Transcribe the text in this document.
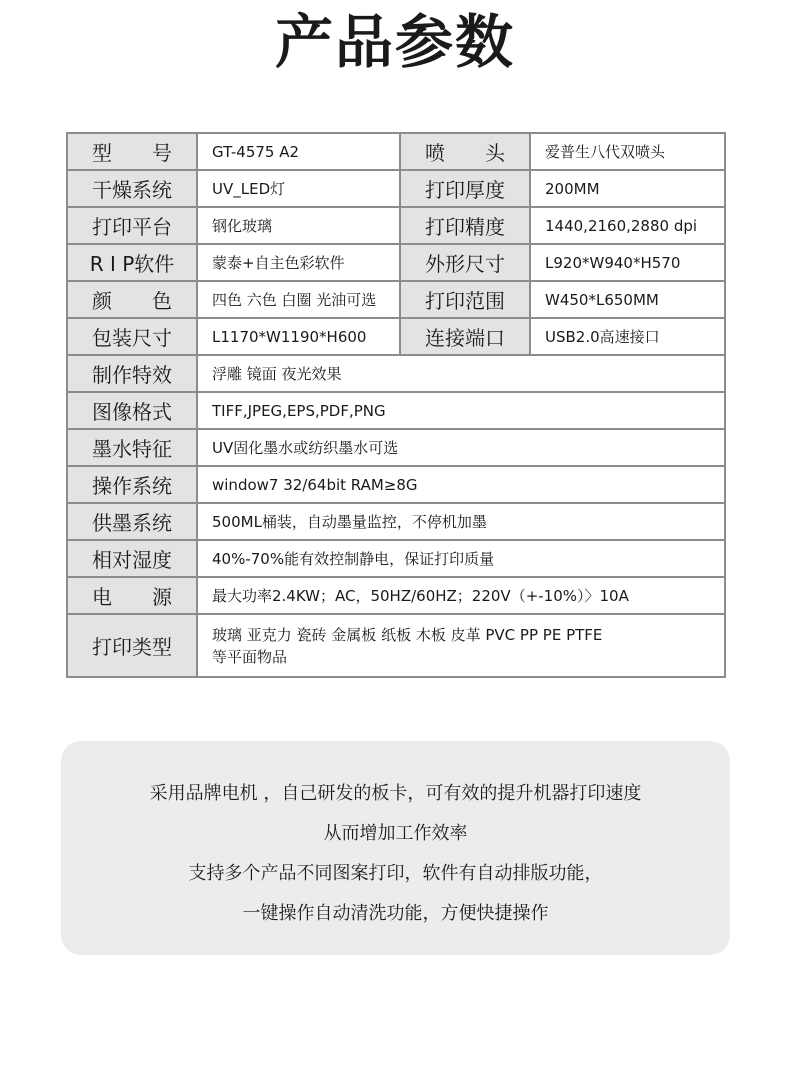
产品参数
型　　号	GT-4575 A2	喷　　头	爱普生八代双喷头
干燥系统	UV_LED灯	打印厚度	200MM
打印平台	钢化玻璃	打印精度	1440,2160,2880 dpi
R I P软件	蒙泰+自主色彩软件	外形尺寸	L920*W940*H570
颜　　色	四色 六色 白圈 光油可选	打印范围	W450*L650MM
包装尺寸	L1170*W1190*H600	连接端口	USB2.0高速接口
制作特效	浮雕 镜面 夜光效果		
图像格式	TIFF,JPEG,EPS,PDF,PNG		
墨水特征	UV固化墨水或纺织墨水可选		
操作系统	window7 32/64bit RAM≥8G		
供墨系统	500ML桶装，自动墨量监控，不停机加墨		
相对湿度	40%-70%能有效控制静电，保证打印质量		
电　　源	最大功率2.4KW；AC，50HZ/60HZ；220V（+-10%）〉10A		
打印类型	玻璃 亚克力 瓷砖 金属板 纸板 木板 皮革 PVC PP PE PTFE
等平面物品		
采用品牌电机 ，自己研发的板卡，可有效的提升机器打印速度
从而增加工作效率
支持多个产品不同图案打印，软件有自动排版功能，
一键操作自动清洗功能，方便快捷操作
